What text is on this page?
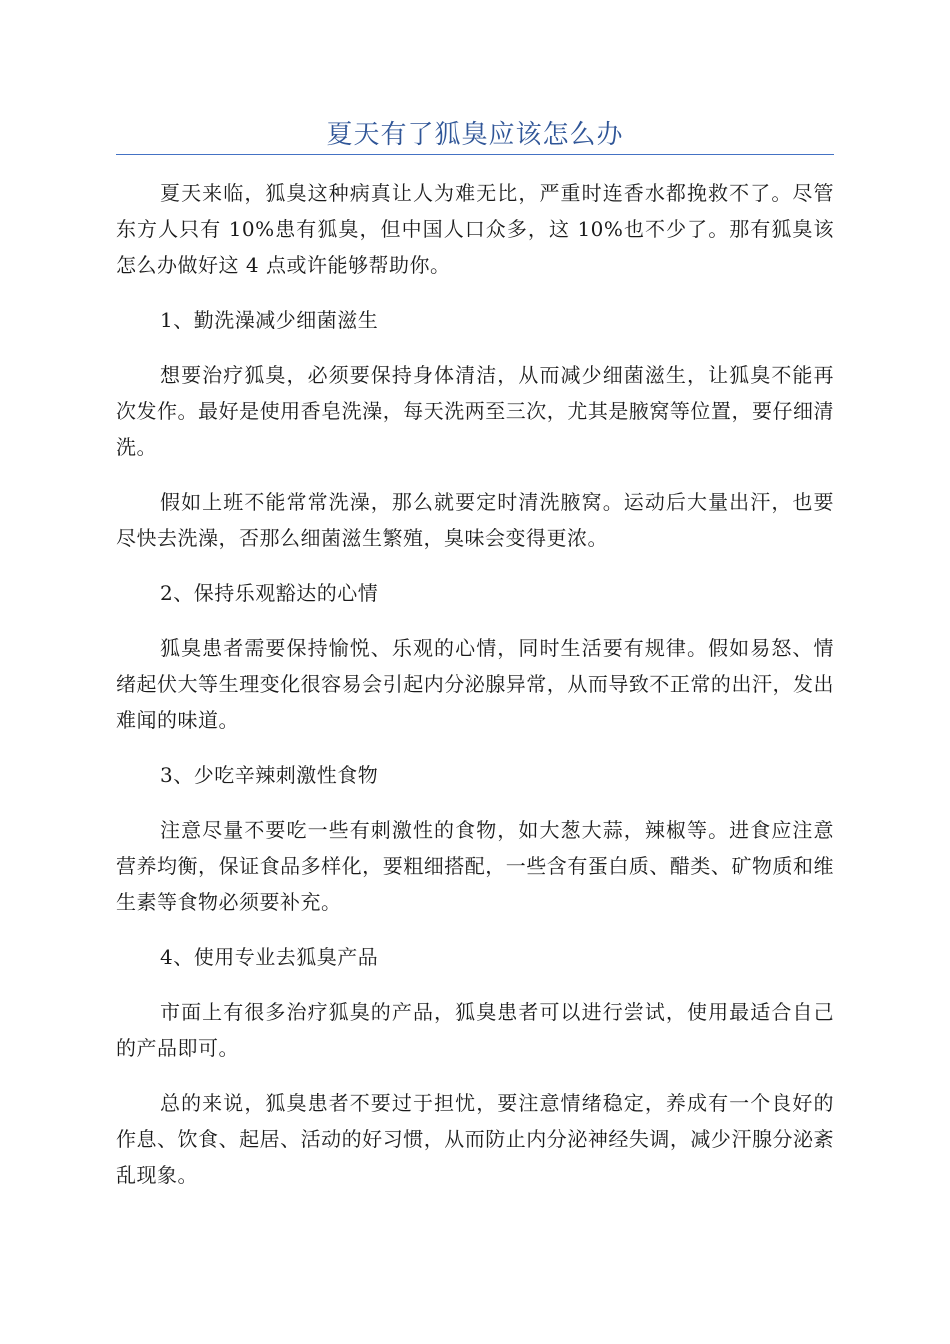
夏天有了狐臭应该怎么办

夏天来临，狐臭这种病真让人为难无比，严重时连香水都挽救不了。尽管东方人只有 10%患有狐臭，但中国人口众多，这 10%也不少了。那有狐臭该怎么办做好这 4 点或许能够帮助你。

1、勤洗澡减少细菌滋生

想要治疗狐臭，必须要保持身体清洁，从而减少细菌滋生，让狐臭不能再次发作。最好是使用香皂洗澡，每天洗两至三次，尤其是腋窝等位置，要仔细清洗。

假如上班不能常常洗澡，那么就要定时清洗腋窝。运动后大量出汗，也要尽快去洗澡，否那么细菌滋生繁殖，臭味会变得更浓。

2、保持乐观豁达的心情

狐臭患者需要保持愉悦、乐观的心情，同时生活要有规律。假如易怒、情绪起伏大等生理变化很容易会引起内分泌腺异常，从而导致不正常的出汗，发出难闻的味道。

3、少吃辛辣刺激性食物

注意尽量不要吃一些有刺激性的食物，如大葱大蒜，辣椒等。进食应注意营养均衡，保证食品多样化，要粗细搭配，一些含有蛋白质、醋类、矿物质和维生素等食物必须要补充。

4、使用专业去狐臭产品

市面上有很多治疗狐臭的产品，狐臭患者可以进行尝试，使用最适合自己的产品即可。

总的来说，狐臭患者不要过于担忧，要注意情绪稳定，养成有一个良好的作息、饮食、起居、活动的好习惯，从而防止内分泌神经失调，减少汗腺分泌紊乱现象。
